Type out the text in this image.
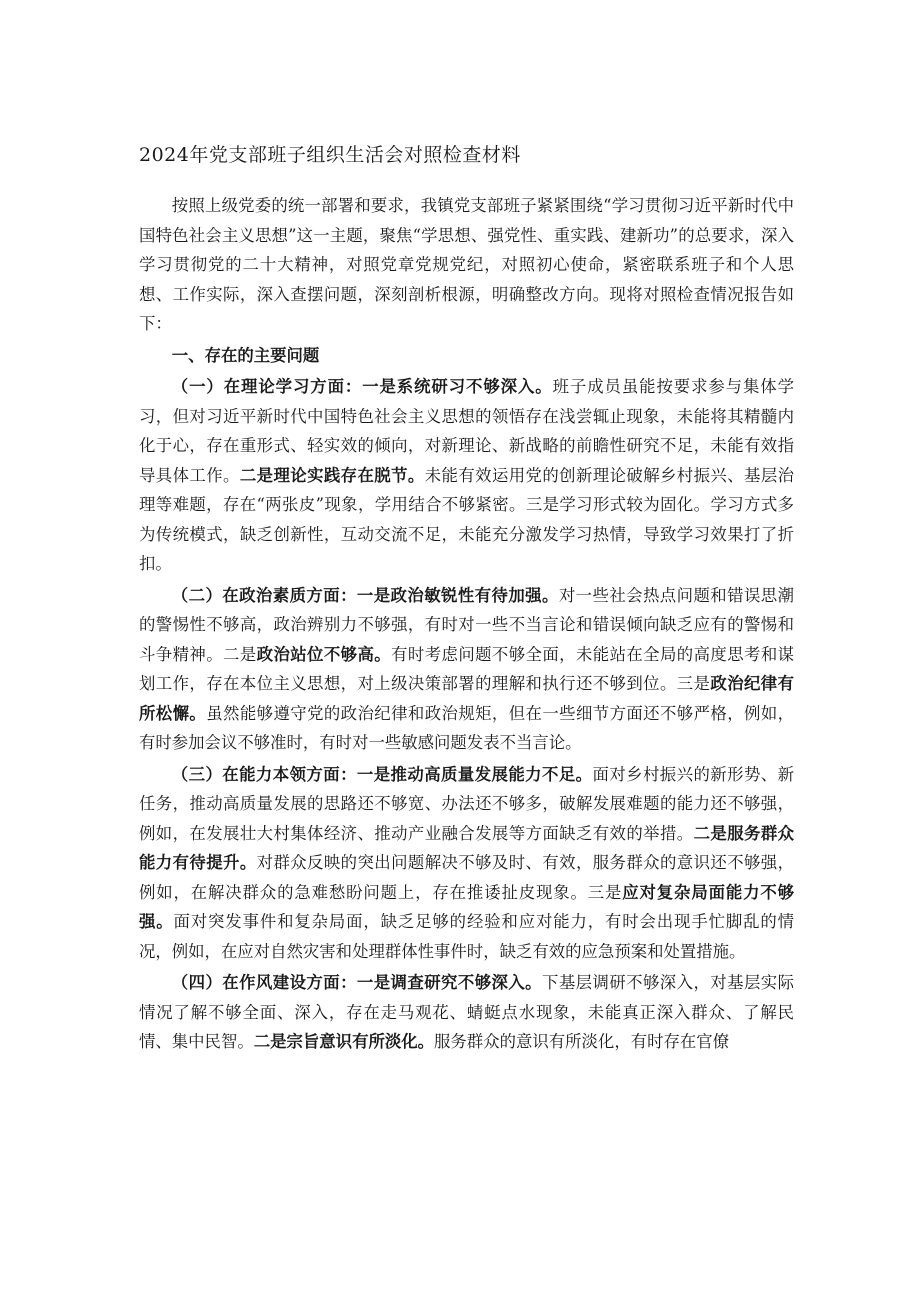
2024年党支部班子组织生活会对照检查材料

按照上级党委的统一部署和要求，我镇党支部班子紧紧围绕“学习贯彻习近平新时代中国特色社会主义思想”这一主题，聚焦“学思想、强党性、重实践、建新功”的总要求，深入学习贯彻党的二十大精神，对照党章党规党纪，对照初心使命，紧密联系班子和个人思想、工作实际，深入查摆问题，深刻剖析根源，明确整改方向。现将对照检查情况报告如下：

一、存在的主要问题

（一）在理论学习方面：一是系统研习不够深入。班子成员虽能按要求参与集体学习，但对习近平新时代中国特色社会主义思想的领悟存在浅尝辄止现象，未能将其精髓内化于心，存在重形式、轻实效的倾向，对新理论、新战略的前瞻性研究不足，未能有效指导具体工作。二是理论实践存在脱节。未能有效运用党的创新理论破解乡村振兴、基层治理等难题，存在“两张皮”现象，学用结合不够紧密。三是学习形式较为固化。学习方式多为传统模式，缺乏创新性，互动交流不足，未能充分激发学习热情，导致学习效果打了折扣。

（二）在政治素质方面：一是政治敏锐性有待加强。对一些社会热点问题和错误思潮的警惕性不够高，政治辨别力不够强，有时对一些不当言论和错误倾向缺乏应有的警惕和斗争精神。二是政治站位不够高。有时考虑问题不够全面，未能站在全局的高度思考和谋划工作，存在本位主义思想，对上级决策部署的理解和执行还不够到位。三是政治纪律有所松懈。虽然能够遵守党的政治纪律和政治规矩，但在一些细节方面还不够严格，例如，有时参加会议不够准时，有时对一些敏感问题发表不当言论。

（三）在能力本领方面：一是推动高质量发展能力不足。面对乡村振兴的新形势、新任务，推动高质量发展的思路还不够宽、办法还不够多，破解发展难题的能力还不够强，例如，在发展壮大村集体经济、推动产业融合发展等方面缺乏有效的举措。二是服务群众能力有待提升。对群众反映的突出问题解决不够及时、有效，服务群众的意识还不够强，例如，在解决群众的急难愁盼问题上，存在推诿扯皮现象。三是应对复杂局面能力不够强。面对突发事件和复杂局面，缺乏足够的经验和应对能力，有时会出现手忙脚乱的情况，例如，在应对自然灾害和处理群体性事件时，缺乏有效的应急预案和处置措施。

（四）在作风建设方面：一是调查研究不够深入。下基层调研不够深入，对基层实际情况了解不够全面、深入，存在走马观花、蜻蜓点水现象，未能真正深入群众、了解民情、集中民智。二是宗旨意识有所淡化。服务群众的意识有所淡化，有时存在官僚
